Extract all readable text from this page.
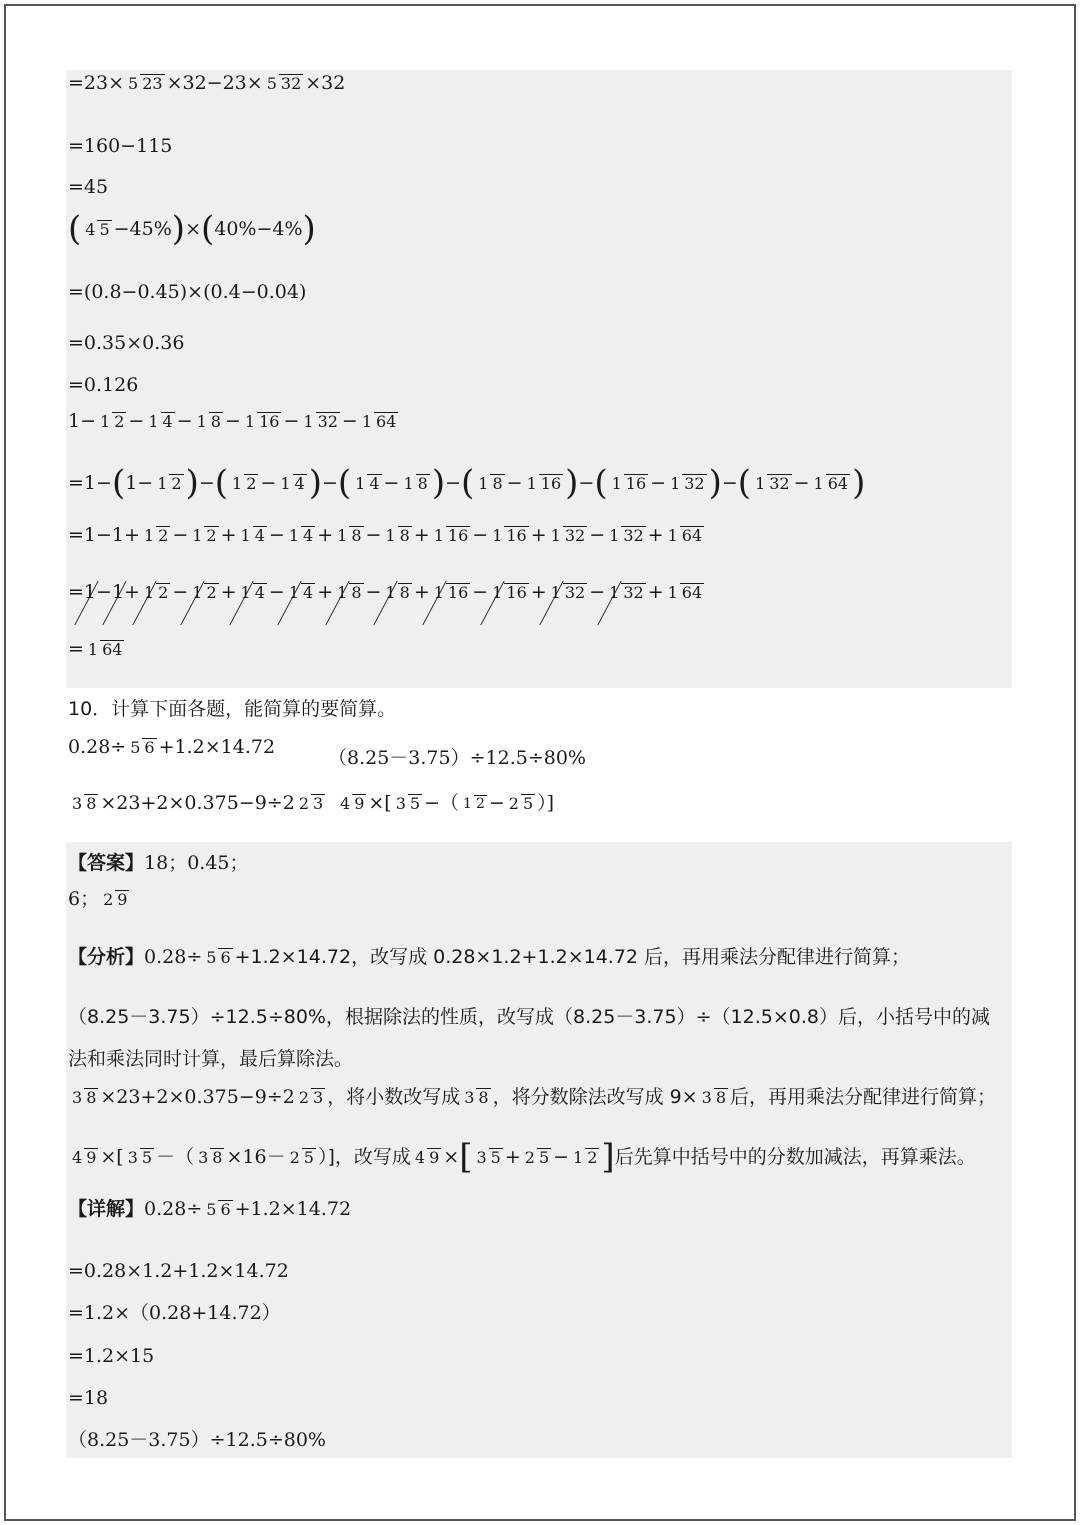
=23× 5 23 ×32−23× 5 32 ×32
=160−115
=45
( 4 5 −45% ) × ( 40%−4% )
=(0.8−0.45)×(0.4−0.04)
=0.35×0.36
=0.126
1− 1 2 − 1 4 − 1 8 − 1 16 − 1 32 − 1 64
=1− ( 1− 1 2 ) − ( 1 2 − 1 4 ) − ( 1 4 − 1 8 ) − ( 1 8 − 1 16 ) − ( 1 16 − 1 32 ) − ( 1 32 − 1 64 )
=1−1+ 1 2 − 1 2 + 1 4 − 1 4 + 1 8 − 1 8 + 1 16 − 1 16 + 1 32 − 1 32 + 1 64
= 1 − 1 + 1 2 − 1 2 + 1 4 − 1 4 + 1 8 − 1 8 + 1 16 − 1 16 + 1 32 − 1 32 + 1 64
= 1 64
10．计算下面各题，能简算的要简算。
0.28÷ 5 6 +1.2×14.72	（8.25－3.75）÷12.5÷80%
3 8 ×23+2×0.375−9÷2 2 3 4 9 ×[ 3 5 −（ 1 2 − 2 5 ）]
【答案】 18；0.45；
6； 2 9
【分析】 0.28÷ 5 6 +1.2×14.72，改写成 0.28×1.2+1.2×14.72 后，再用乘法分配律进行简算；
（8.25－3.75）÷12.5÷80%，根据除法的性质，改写成（8.25－3.75）÷（12.5×0.8）后，小括号中的减
法和乘法同时计算，最后算除法。
3 8 ×23+2×0.375−9÷2 2 3 ，将小数改写成 3 8 ，将分数除法改写成 9× 3 8 后，再用乘法分配律进行简算；
4 9 ×[ 3 5 －（ 3 8 ×16－ 2 5 ）]，改写成 4 9 × [ 3 5 + 2 5 − 1 2 ] 后先算中括号中的分数加减法，再算乘法。
【详解】 0.28÷ 5 6 +1.2×14.72
=0.28×1.2+1.2×14.72
=1.2×（0.28+14.72）
=1.2×15
=18
（8.25－3.75）÷12.5÷80%
